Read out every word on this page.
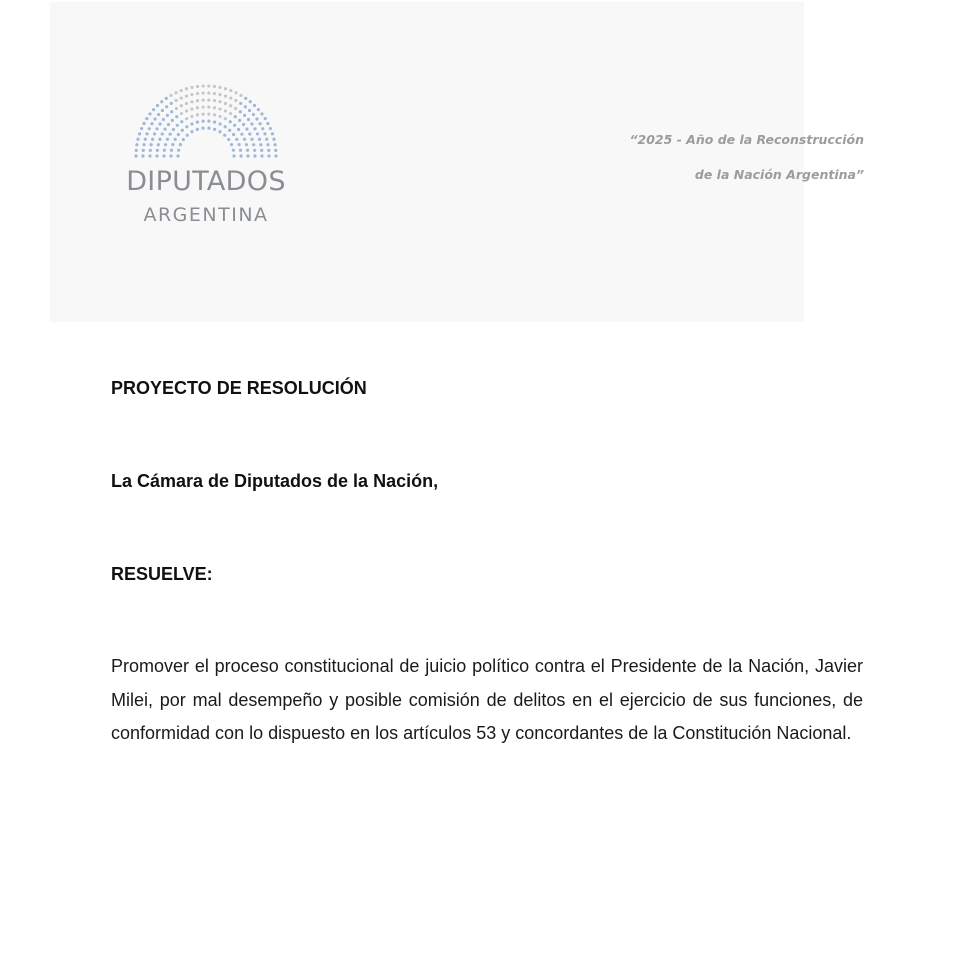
DIPUTADOS
ARGENTINA
“2025 - Año de la Reconstrucción
de la Nación Argentina”
PROYECTO DE RESOLUCIÓN
La Cámara de Diputados de la Nación,
RESUELVE:
Promover el proceso constitucional de juicio político contra el Presidente de la Nación, Javier Milei, por mal desempeño y posible comisión de delitos en el ejercicio de sus funciones, de conformidad con lo dispuesto en los artículos 53 y concordantes de la Constitución Nacional.
